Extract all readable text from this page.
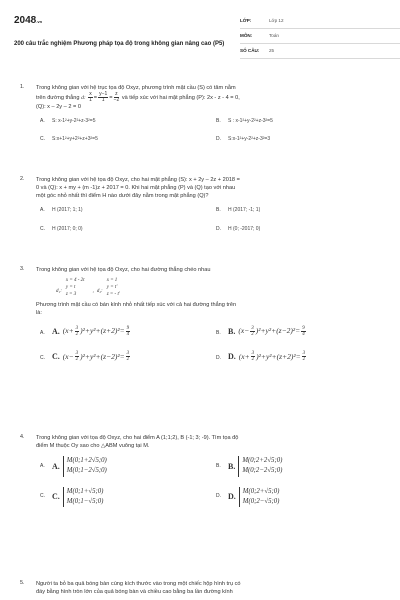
2048.vn
200 câu trắc nghiệm Phương pháp tọa độ trong không gian nâng cao (P5)
LỚP:	Lớp 12
MÔN:	Toán
SỐ CÂU:	25
1.	Trong không gian với hệ trục tọa độ Oxyz, phương trình mặt cầu (S) có tâm nằm
trên đường thẳng d: $\frac{x}{1} = \frac{y-1}{1} = \frac{z}{-2}$ và tiếp xúc với hai mặt phẳng (P): 2x - z - 4 = 0,
(Q): x – 2y – 2 = 0
A.	S: x-1²+y-2²+z-3²=5	B.	S : x-1²+y-2²+z-3²=5
C.	S:x+1²+y+2²+z+3²=5	D.	S:x-1²+y-2²+z-3²=3
2.	Trong không gian với hệ tọa độ Oxyz, cho hai mặt phẳng (S): x + 2y – 2z + 2018 =
0 và (Q): x + my + (m -1)z + 2017 = 0. Khi hai mặt phẳng (P) và (Q) tạo với nhau
một góc nhỏ nhất thì điểm H nào dưới đây nằm trong mặt phẳng (Q)?
A.	H (2017; 1; 1)	B.	H (2017; -1; 1)
C.	H (2017; 0; 0)	D.	H (0; -2017; 0)
3.	Trong không gian với hệ tọa độ Oxyz, cho hai đường thẳng chéo nhau
d₁:
x = 4 - 2t
y = t
z = 3
, d₂:
x = 1
y = t'
z = - t'
Phương trình mặt cầu có bán kính nhỏ nhất tiếp xúc với cả hai đường thẳng trên
là:
A. A. $(x + \frac{3}{2} )^2+y^2+ (z+2)^2 = \frac{9}{4}$	B. B. $(x - \frac{3}{2} )^2+y^2+ (z-2)^2 = \frac{9}{4}$
C. C. $(x - \frac{3}{2} )^2+y^2+ (z-2)^2 = \frac{3}{2}$	D. D. $(x + \frac{3}{2} )^2+y^2+ (z+2)^2 = \frac{3}{2}$
4.	Trong không gian với tọa độ Oxyz, cho hai điểm A (1;1;2), B (-1; 3; -9). Tìm tọa độ
điểm M thuộc Oy sao cho △ABM vuông tại M.
A. A.
M(0;1+2√5;0)
M(0;1−2√5;0)
B. B.
M(0;2+2√5;0)
M(0;2−2√5;0)
C. C.
M(0;1+√5;0)
M(0;1−√5;0)
D. D.
M(0;2+√5;0)
M(0;2−√5;0)
5.	Người ta bỏ ba quả bóng bàn cùng kích thước vào trong một chiếc hộp hình trụ có
đáy bằng hình tròn lớn của quả bóng bàn và chiều cao bằng ba lần đường kính
